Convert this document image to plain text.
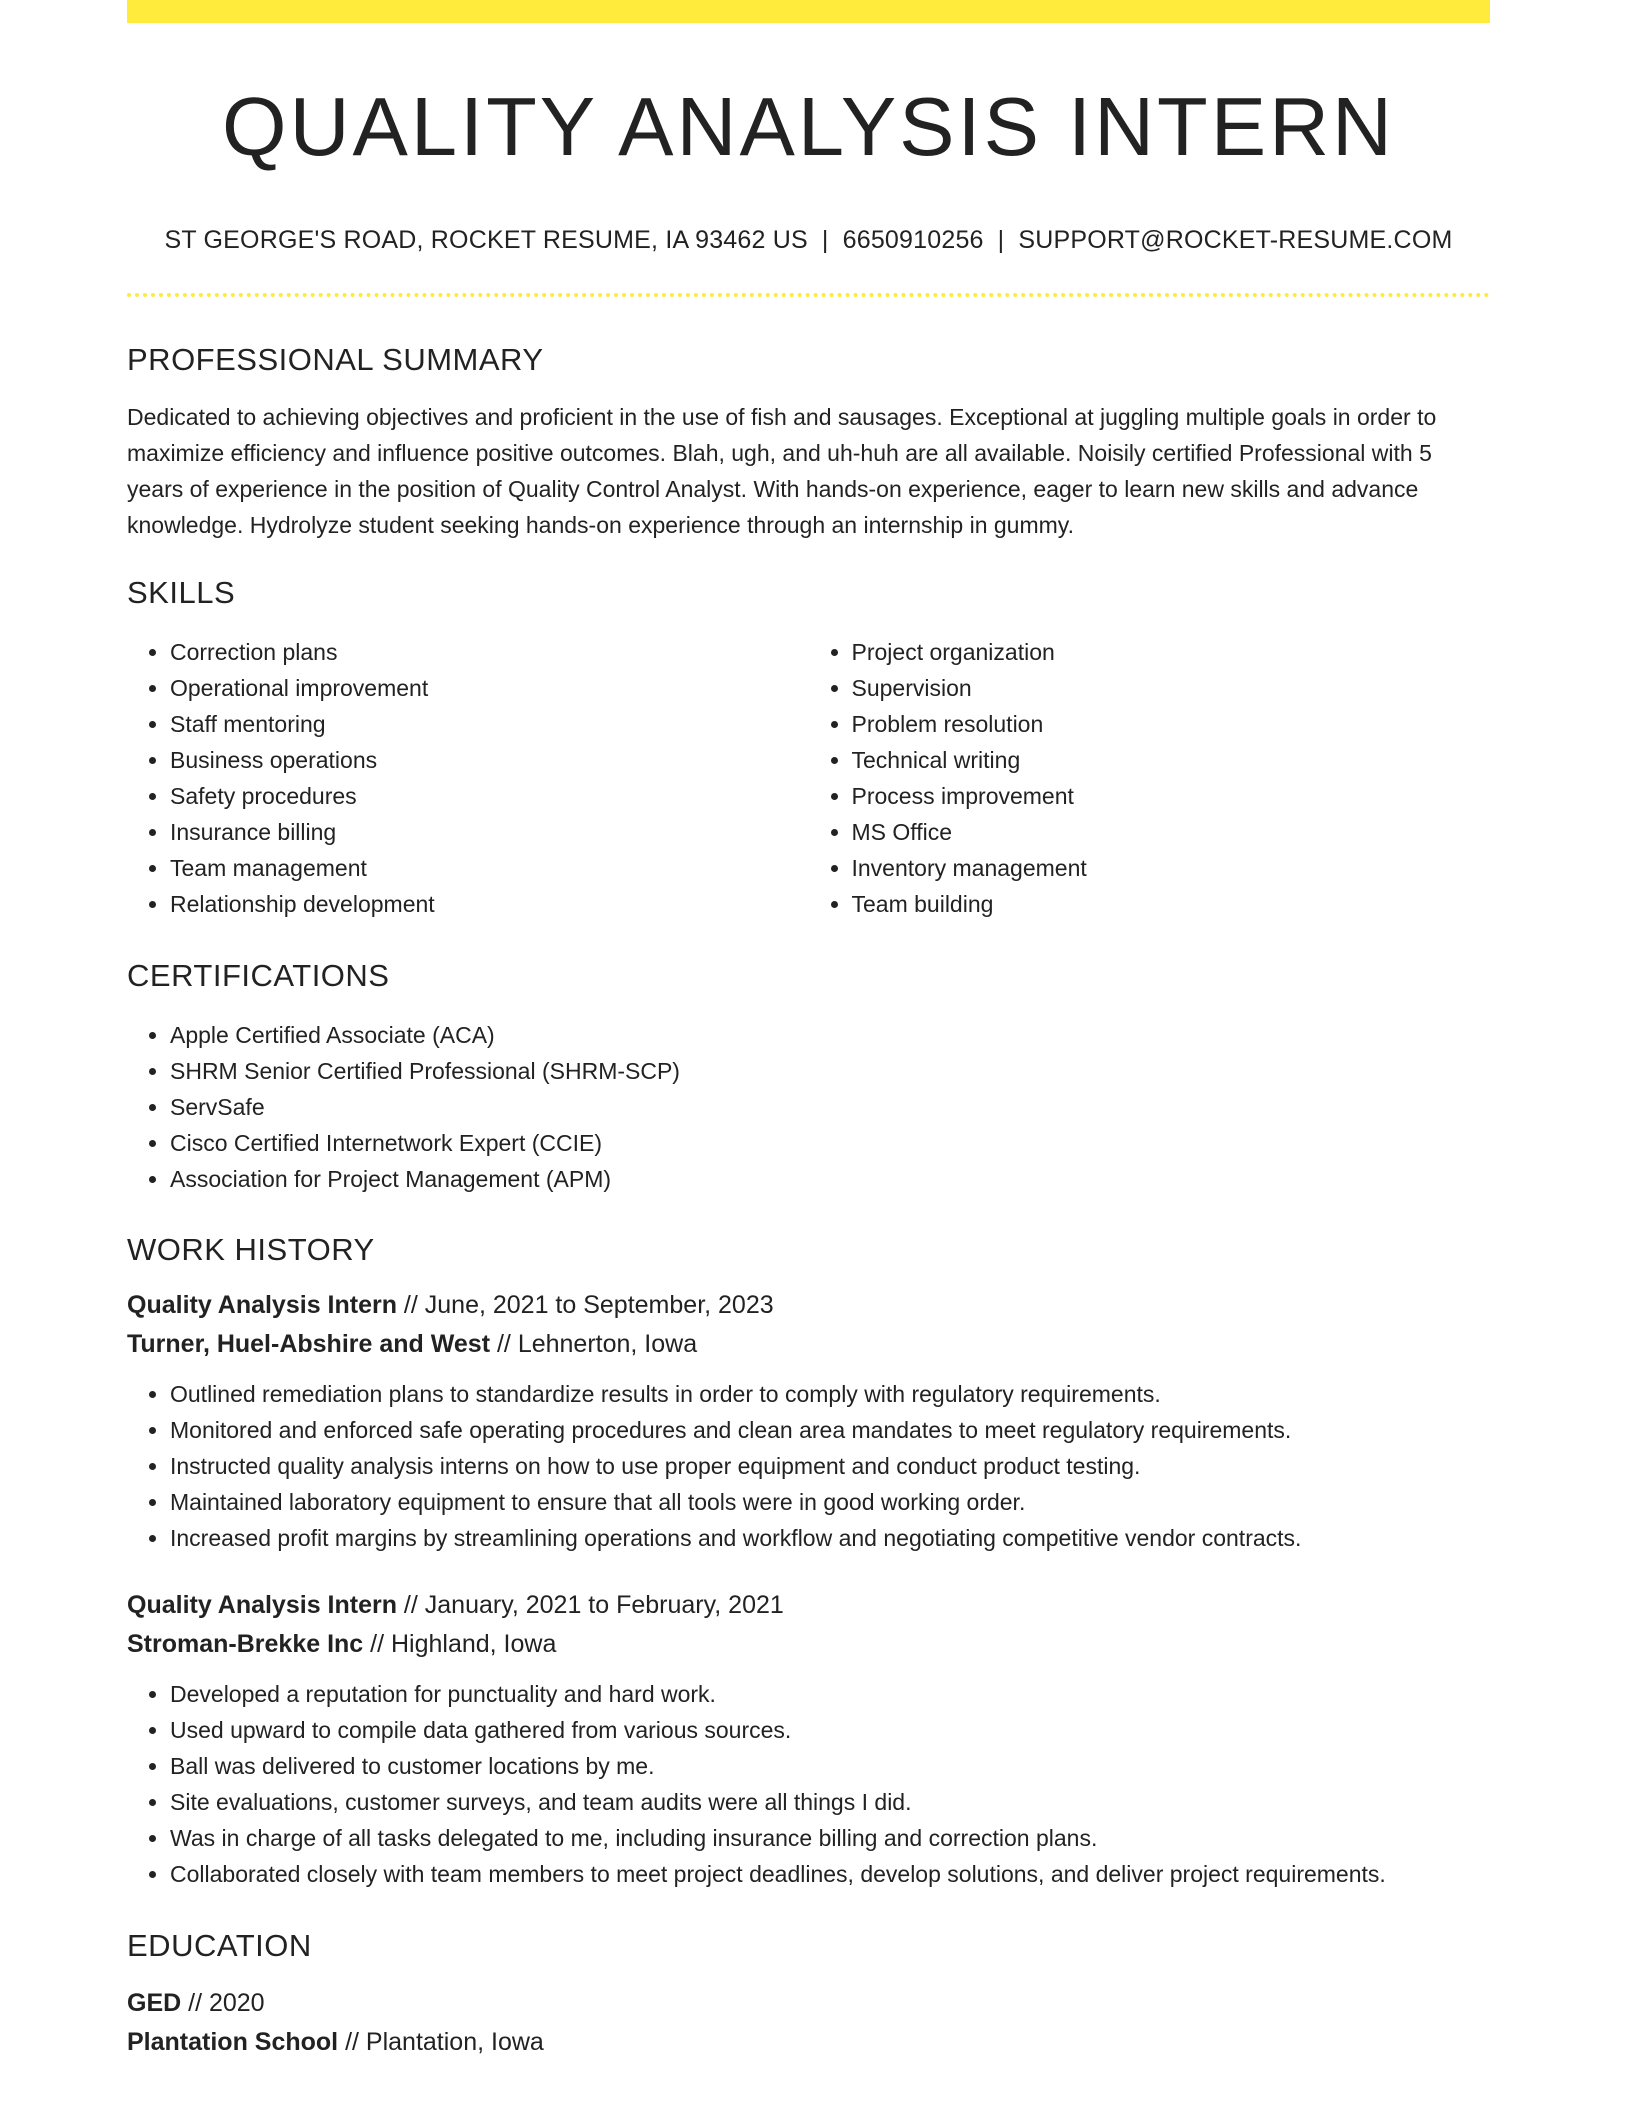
QUALITY ANALYSIS INTERN
ST GEORGE'S ROAD, ROCKET RESUME, IA 93462 US | 6650910256 | SUPPORT@ROCKET-RESUME.COM
PROFESSIONAL SUMMARY

Dedicated to achieving objectives and proficient in the use of fish and sausages. Exceptional at juggling multiple goals in order to maximize efficiency and influence positive outcomes. Blah, ugh, and uh-huh are all available. Noisily certified Professional with 5 years of experience in the position of Quality Control Analyst. With hands-on experience, eager to learn new skills and advance knowledge. Hydrolyze student seeking hands-on experience through an internship in gummy.

SKILLS
• Correction plans
• Operational improvement
• Staff mentoring
• Business operations
• Safety procedures
• Insurance billing
• Team management
• Relationship development
• Project organization
• Supervision
• Problem resolution
• Technical writing
• Process improvement
• MS Office
• Inventory management
• Team building
CERTIFICATIONS
• Apple Certified Associate (ACA)
• SHRM Senior Certified Professional (SHRM-SCP)
• ServSafe
• Cisco Certified Internetwork Expert (CCIE)
• Association for Project Management (APM)
WORK HISTORY
Quality Analysis Intern // June, 2021 to September, 2023
Turner, Huel-Abshire and West // Lehnerton, Iowa
• Outlined remediation plans to standardize results in order to comply with regulatory requirements.
• Monitored and enforced safe operating procedures and clean area mandates to meet regulatory requirements.
• Instructed quality analysis interns on how to use proper equipment and conduct product testing.
• Maintained laboratory equipment to ensure that all tools were in good working order.
• Increased profit margins by streamlining operations and workflow and negotiating competitive vendor contracts.
Quality Analysis Intern // January, 2021 to February, 2021
Stroman-Brekke Inc // Highland, Iowa
• Developed a reputation for punctuality and hard work.
• Used upward to compile data gathered from various sources.
• Ball was delivered to customer locations by me.
• Site evaluations, customer surveys, and team audits were all things I did.
• Was in charge of all tasks delegated to me, including insurance billing and correction plans.
• Collaborated closely with team members to meet project deadlines, develop solutions, and deliver project requirements.
EDUCATION
GED // 2020
Plantation School // Plantation, Iowa
